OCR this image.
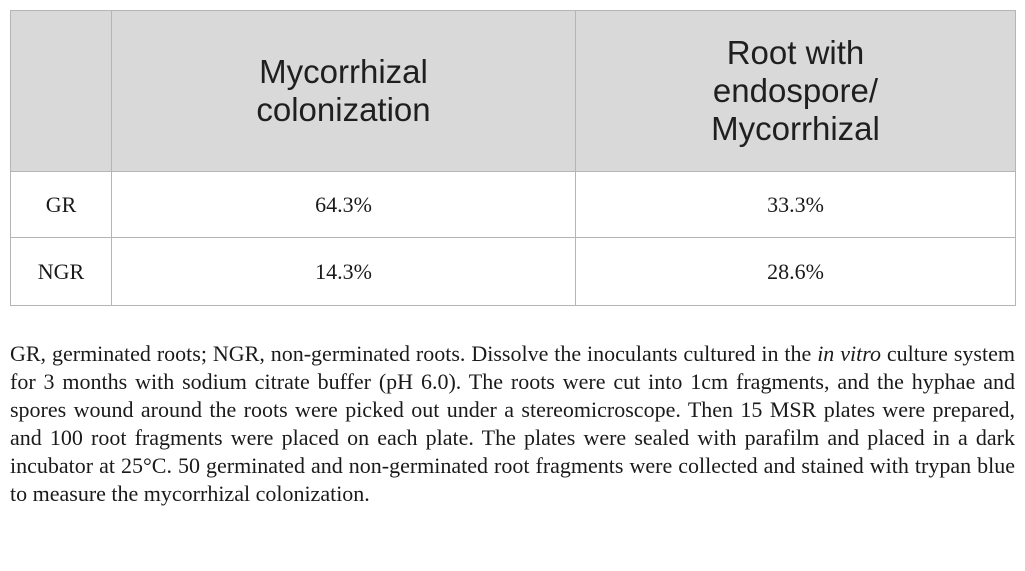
	Mycorrhizal colonization	Root with endospore/ Mycorrhizal

GR	64.3%	33.3%
NGR	14.3%	28.6%

GR, germinated roots; NGR, non-germinated roots. Dissolve the inoculants cultured in the in vitro culture system for 3 months with sodium citrate buffer (pH 6.0). The roots were cut into 1cm fragments, and the hyphae and spores wound around the roots were picked out under a stereomicroscope. Then 15 MSR plates were prepared, and 100 root fragments were placed on each plate. The plates were sealed with parafilm and placed in a dark incubator at 25°C. 50 germinated and non-germinated root fragments were collected and stained with trypan blue to measure the mycorrhizal colonization.
